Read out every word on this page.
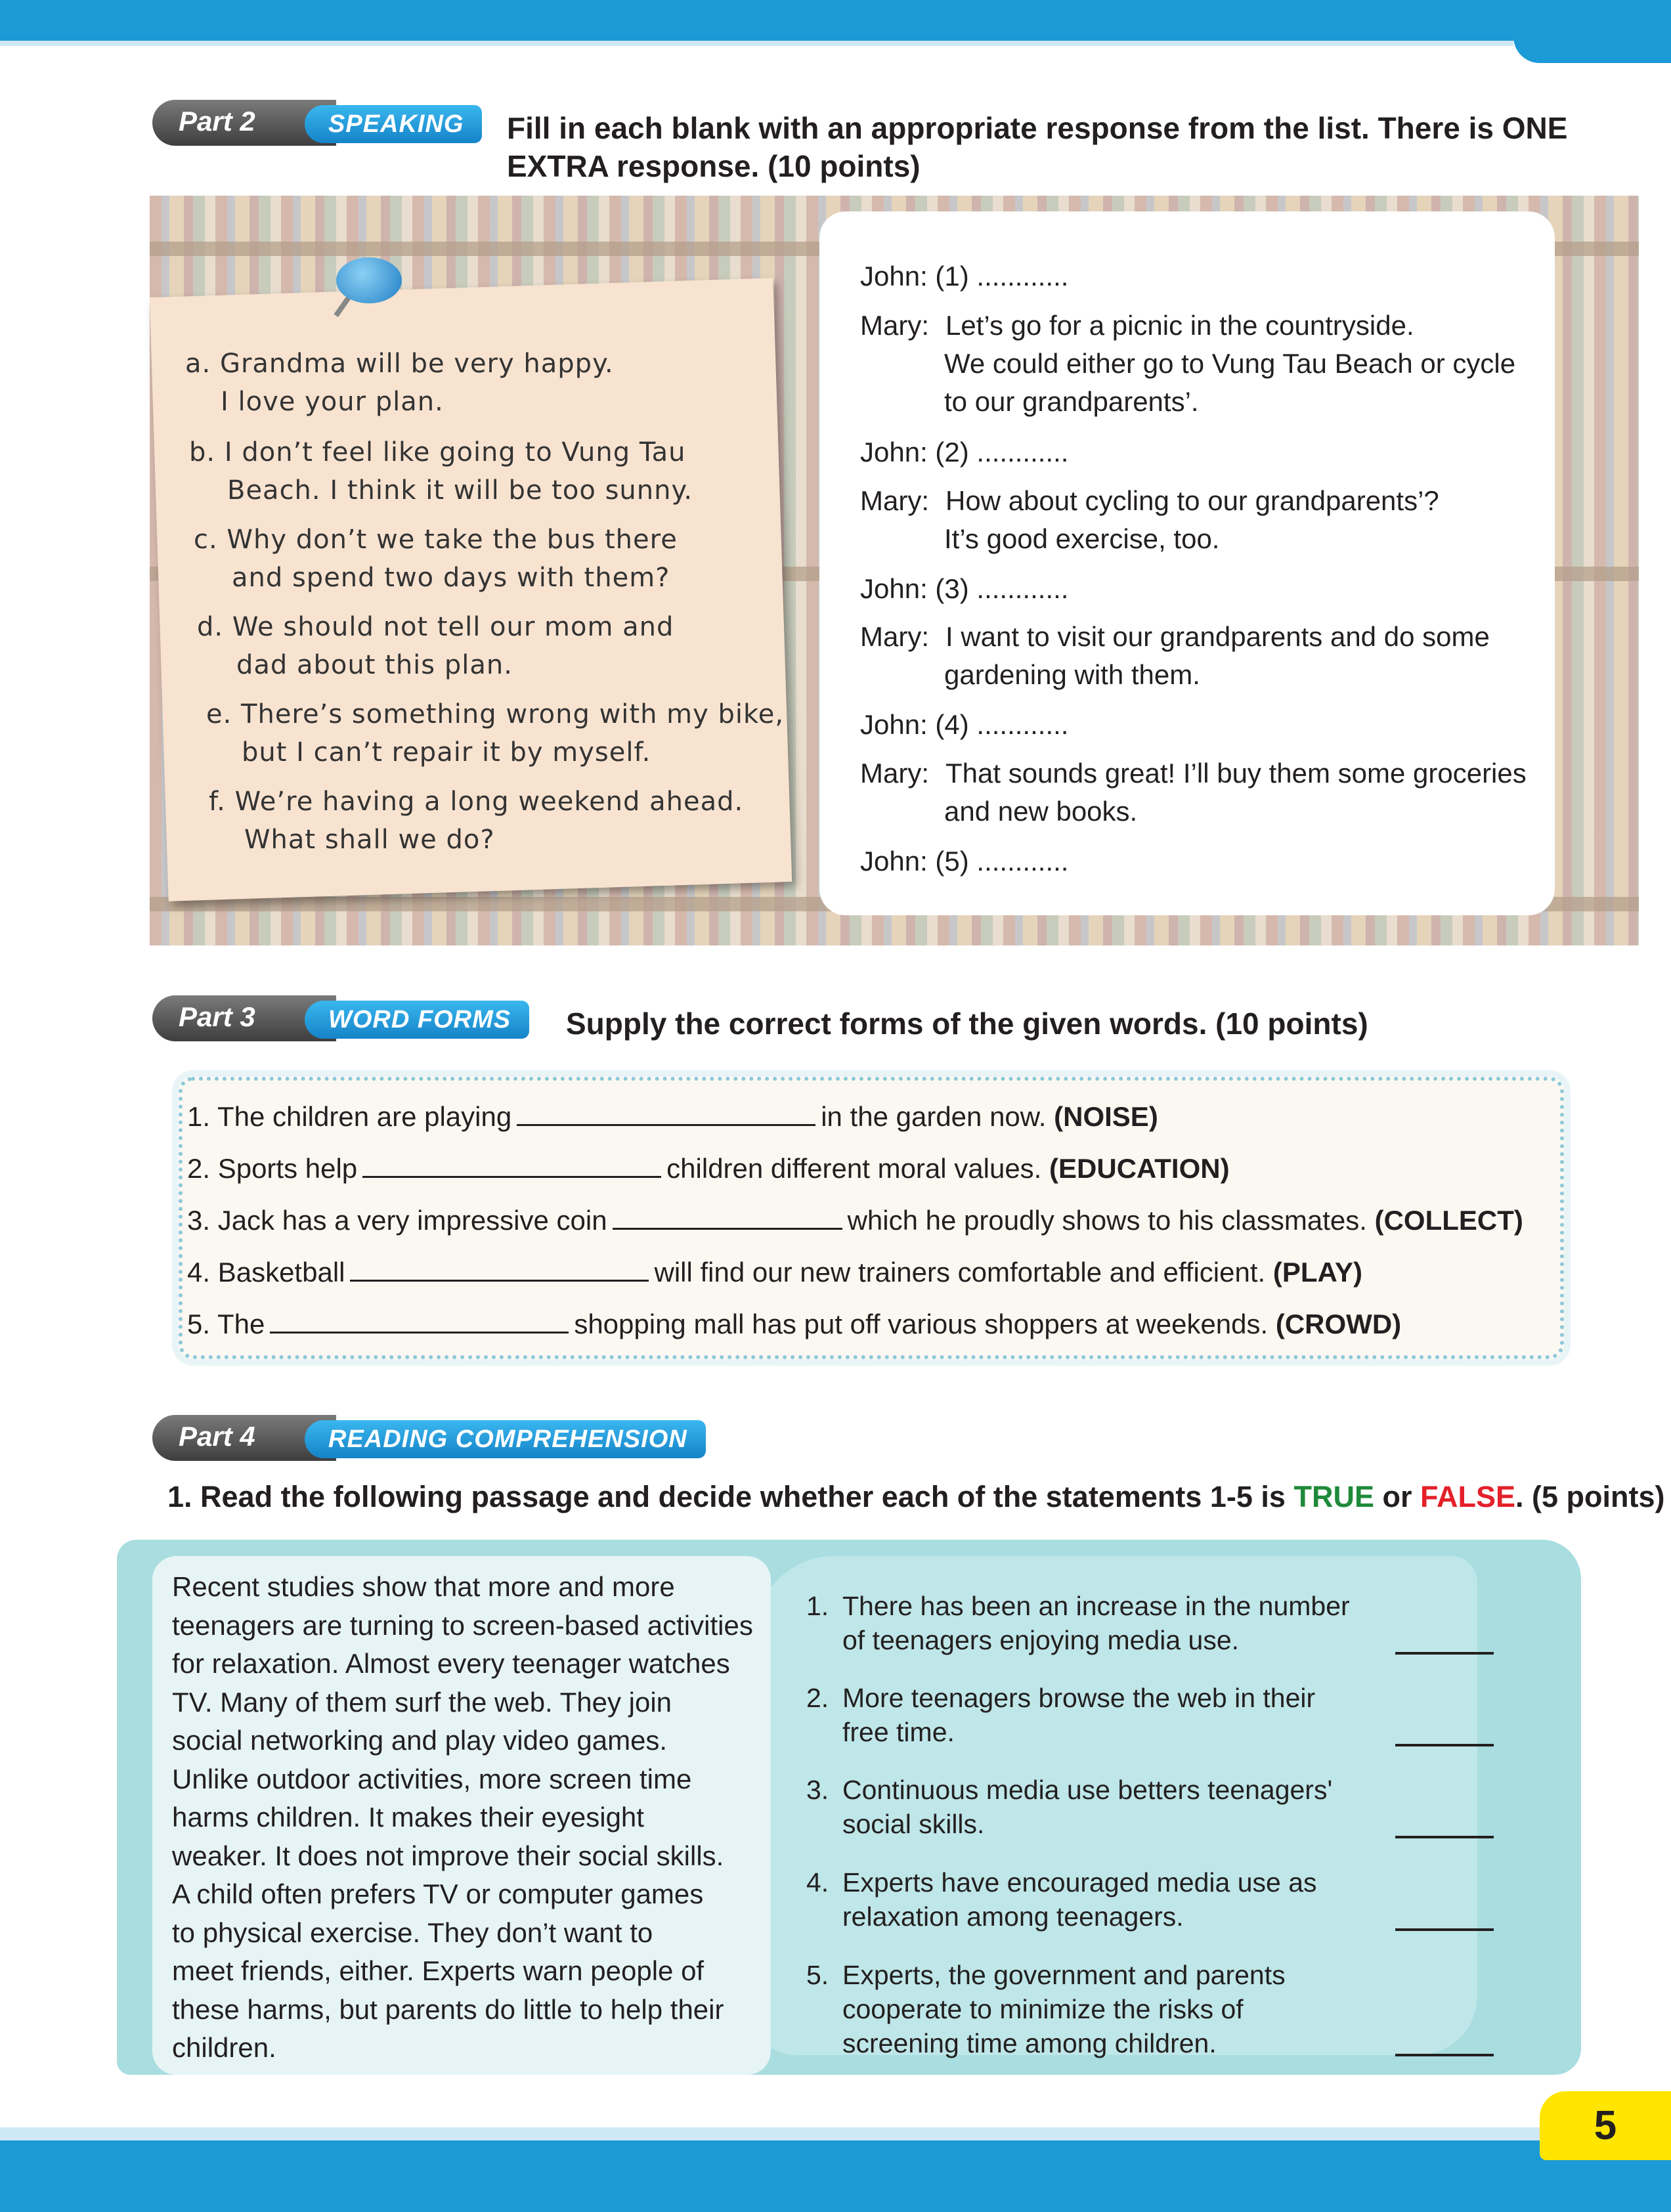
5
Part 2	SPEAKING	Fill in each blank with an appropriate response from the list. There is ONE
EXTRA response. (10 points)
a. Grandma will be very happy.
I love your plan.
b. I don’t feel like going to Vung Tau
Beach. I think it will be too sunny.
c. Why don’t we take the bus there
and spend two days with them?
d. We should not tell our mom and
dad about this plan.
e. There’s something wrong with my bike,
but I can’t repair it by myself.
f. We’re having a long weekend ahead.
What shall we do?
John: (1) ............
Mary: Let’s go for a picnic in the countryside.
We could either go to Vung Tau Beach or cycle
to our grandparents’.
John: (2) ............
Mary: How about cycling to our grandparents’?
It’s good exercise, too.
John: (3) ............
Mary: I want to visit our grandparents and do some
gardening with them.
John: (4) ............
Mary: That sounds great! I’ll buy them some groceries
and new books.
John: (5) ............
Part 3	WORD FORMS	Supply the correct forms of the given words. (10 points)
1. The children are playing	in the garden now. (NOISE)
2. Sports help	children different moral values. (EDUCATION)
3. Jack has a very impressive coin	which he proudly shows to his classmates. (COLLECT)
4. Basketball	will find our new trainers comfortable and efficient. (PLAY)
5. The	shopping mall has put off various shoppers at weekends. (CROWD)
Part 4	READING COMPREHENSION
1. Read the following passage and decide whether each of the statements 1-5 is TRUE or FALSE. (5 points)
Recent studies show that more and more
teenagers are turning to screen-based activities
for relaxation. Almost every teenager watches
TV. Many of them surf the web. They join
social networking and play video games.
Unlike outdoor activities, more screen time
harms children. It makes their eyesight
weaker. It does not improve their social skills.
A child often prefers TV or computer games
to physical exercise. They don’t want to
meet friends, either. Experts warn people of
these harms, but parents do little to help their
children.
1. There has been an increase in the number
of teenagers enjoying media use.
2. More teenagers browse the web in their
free time.
3. Continuous media use betters teenagers'
social skills.
4. Experts have encouraged media use as
relaxation among teenagers.
5. Experts, the government and parents
cooperate to minimize the risks of
screening time among children.
